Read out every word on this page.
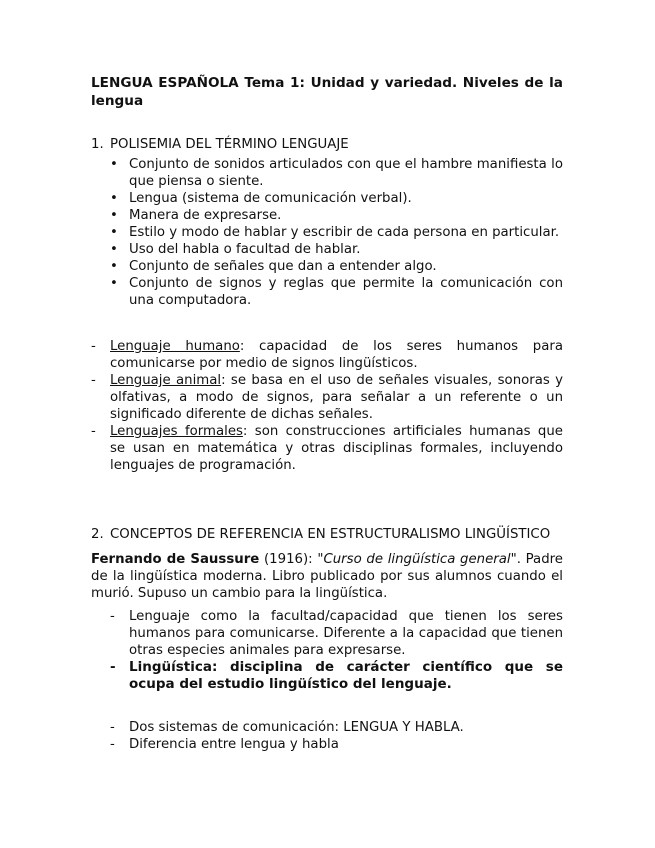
LENGUA ESPAÑOLA Tema 1: Unidad y variedad. Niveles de la lengua
1. POLISEMIA DEL TÉRMINO LENGUAJE
• Conjunto de sonidos articulados con que el hambre manifiesta lo que piensa o siente.
• Lengua (sistema de comunicación verbal).
• Manera de expresarse.
• Estilo y modo de hablar y escribir de cada persona en particular.
• Uso del habla o facultad de hablar.
• Conjunto de señales que dan a entender algo.
• Conjunto de signos y reglas que permite la comunicación con una computadora.
- Lenguaje humano: capacidad de los seres humanos para comunicarse por medio de signos lingüísticos.
- Lenguaje animal: se basa en el uso de señales visuales, sonoras y olfativas, a modo de signos, para señalar a un referente o un significado diferente de dichas señales.
- Lenguajes formales: son construcciones artificiales humanas que se usan en matemática y otras disciplinas formales, incluyendo lenguajes de programación.
2. CONCEPTOS DE REFERENCIA EN ESTRUCTURALISMO LINGÜÍSTICO
Fernando de Saussure (1916): "Curso de lingüística general". Padre de la lingüística moderna. Libro publicado por sus alumnos cuando el murió. Supuso un cambio para la lingüística.
- Lenguaje como la facultad/capacidad que tienen los seres humanos para comunicarse. Diferente a la capacidad que tienen otras especies animales para expresarse.
- Lingüística: disciplina de carácter científico que se ocupa del estudio lingüístico del lenguaje.
- Dos sistemas de comunicación: LENGUA Y HABLA.
- Diferencia entre lengua y habla
